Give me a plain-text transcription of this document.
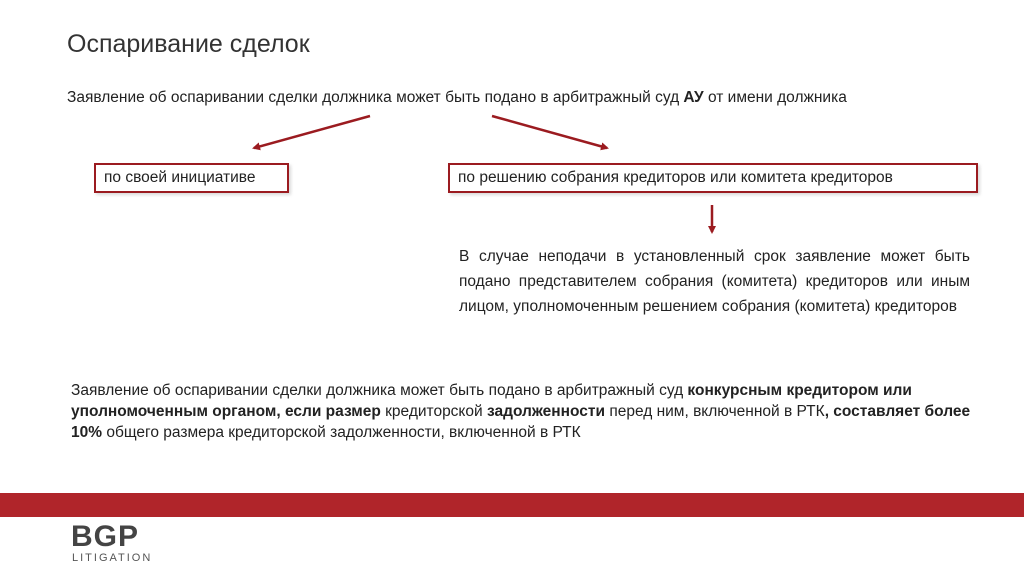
Оспаривание сделок
Заявление об оспаривании сделки должника может быть подано в арбитражный суд АУ от имени должника
по своей инициативе	по решению собрания кредиторов или комитета кредиторов
В случае неподачи в установленный срок заявление может быть подано представителем собрания (комитета) кредиторов или иным лицом, уполномоченным решением собрания (комитета) кредиторов
Заявление об оспаривании сделки должника может быть подано в арбитражный суд конкурсным кредитором или уполномоченным органом, если размер кредиторской задолженности перед ним, включенной в РТК, составляет более 10% общего размера кредиторской задолженности, включенной в РТК
BGP
LITIGATION
